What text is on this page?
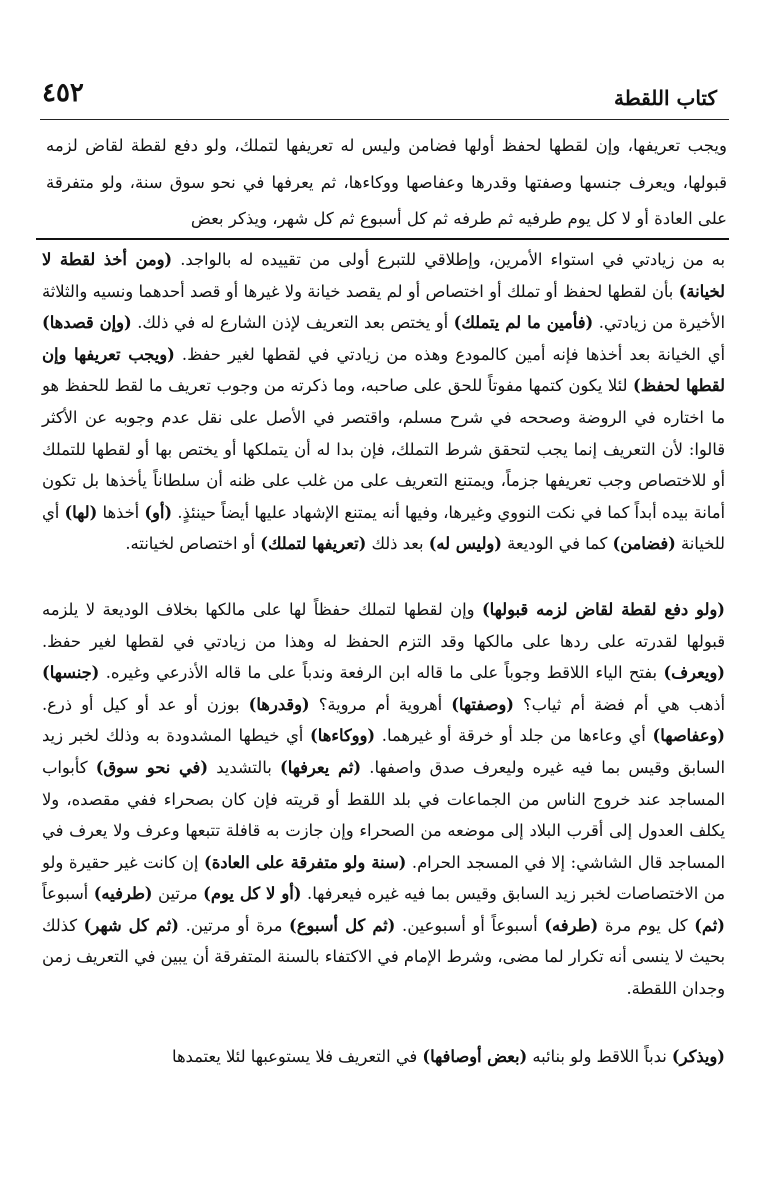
كتاب اللقطة
٤٥٢
ويجب تعريفها، وإن لقطها لحفظ أولها فضامن وليس له تعريفها لتملك، ولو دفع لقطة لقاض لزمه قبولها، ويعرف جنسها وصفتها وقدرها وعفاصها ووكاءها، ثم يعرفها في نحو سوق سنة، ولو متفرقة على العادة أو لا كل يوم طرفيه ثم طرفه ثم كل أسبوع ثم كل شهر، ويذكر بعض

به من زيادتي في استواء الأمرين، وإطلاقي للتبرع أولى من تقييده له بالواجد. (ومن أخذ لقطة لا لخيانة) بأن لقطها لحفظ أو تملك أو اختصاص أو لم يقصد خيانة ولا غيرها أو قصد أحدهما ونسيه والثلاثة الأخيرة من زيادتي. (فأمين ما لم يتملك) أو يختص بعد التعريف لإذن الشارع له في ذلك. (وإن قصدها) أي الخيانة بعد أخذها فإنه أمين كالمودع وهذه من زيادتي في لقطها لغير حفظ. (ويجب تعريفها وإن لقطها لحفظ) لئلا يكون كتمها مفوتاً للحق على صاحبه، وما ذكرته من وجوب تعريف ما لقط للحفظ هو ما اختاره في الروضة وصححه في شرح مسلم، واقتصر في الأصل على نقل عدم وجوبه عن الأكثر قالوا: لأن التعريف إنما يجب لتحقق شرط التملك، فإن بدا له أن يتملكها أو يختص بها أو لقطها للتملك أو للاختصاص وجب تعريفها جزماً، ويمتنع التعريف على من غلب على ظنه أن سلطاناً يأخذها بل تكون أمانة بيده أبداً كما في نكت النووي وغيرها، وفيها أنه يمتنع الإشهاد عليها أيضاً حينئذٍ. (أو) أخذها (لها) أي للخيانة (فضامن) كما في الوديعة (وليس له) بعد ذلك (تعريفها لتملك) أو اختصاص لخيانته.

(ولو دفع لقطة لقاض لزمه قبولها) وإن لقطها لتملك حفظاً لها على مالكها بخلاف الوديعة لا يلزمه قبولها لقدرته على ردها على مالكها وقد التزم الحفظ له وهذا من زيادتي في لقطها لغير حفظ. (ويعرف) بفتح الياء اللاقط وجوباً على ما قاله ابن الرفعة وندباً على ما قاله الأذرعي وغيره. (جنسها) أذهب هي أم فضة أم ثياب؟ (وصفتها) أهروية أم مروية؟ (وقدرها) بوزن أو عد أو كيل أو ذرع. (وعفاصها) أي وعاءها من جلد أو خرقة أو غيرهما. (ووكاءها) أي خيطها المشدودة به وذلك لخبر زيد السابق وقيس بما فيه غيره وليعرف صدق واصفها. (ثم يعرفها) بالتشديد (في نحو سوق) كأبواب المساجد عند خروج الناس من الجماعات في بلد اللقط أو قريته فإن كان بصحراء ففي مقصده، ولا يكلف العدول إلى أقرب البلاد إلى موضعه من الصحراء وإن جازت به قافلة تتبعها وعرف ولا يعرف في المساجد قال الشاشي: إلا في المسجد الحرام. (سنة ولو متفرقة على العادة) إن كانت غير حقيرة ولو من الاختصاصات لخبر زيد السابق وقيس بما فيه غيره فيعرفها. (أو لا كل يوم) مرتين (طرفيه) أسبوعاً (ثم) كل يوم مرة (طرفه) أسبوعاً أو أسبوعين. (ثم كل أسبوع) مرة أو مرتين. (ثم كل شهر) كذلك بحيث لا ينسى أنه تكرار لما مضى، وشرط الإمام في الاكتفاء بالسنة المتفرقة أن يبين في التعريف زمن وجدان اللقطة.

(ويذكر) ندباً اللاقط ولو بنائبه (بعض أوصافها) في التعريف فلا يستوعبها لئلا يعتمدها
